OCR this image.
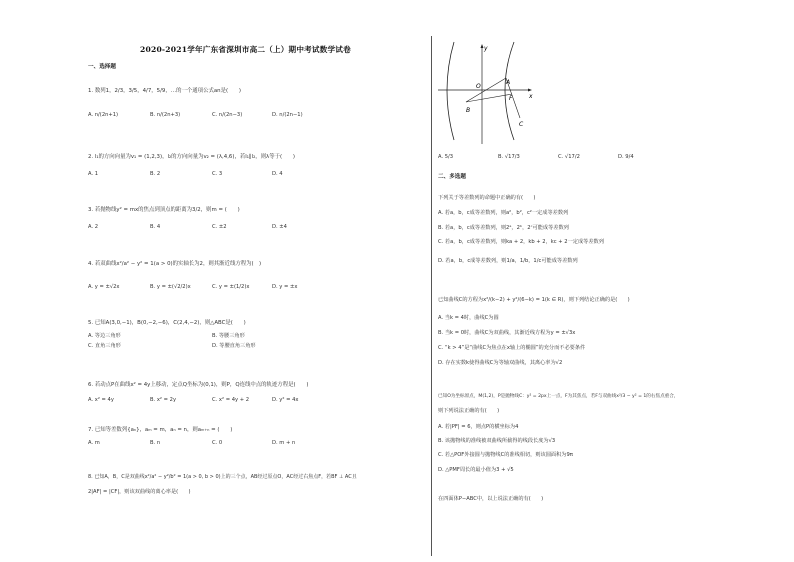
2020-2021学年广东省深圳市高二（上）期中考试数学试卷
一、选择题
1. 数列1，2/3，3/5，4/7，5/9，…的一个通项公式an是(　　)
A. n/(2n+1)	B. n/(2n+3)	C. n/(2n−3)	D. n/(2n−1)
2. l₁的方向向量为v₁ = (1,2,3)，l₂的方向向量为v₂ = (λ,4,6)，若l₁∥l₂，则λ等于(　　)
A. 1	B. 2	C. 3	D. 4
3. 若抛物线y² = mx的焦点到顶点的距离为3/2，则m = (　　)
A. 2	B. 4	C. ±2	D. ±4
4. 若双曲线x²/a² − y² = 1(a > 0)的实轴长为2，则其渐近线方程为(　)
A. y = ±√2x	B. y = ±(√2/2)x	C. y = ±(1/2)x	D. y = ±x
5. 已知A(3,0,−1)，B(0,−2,−6)，C(2,4,−2)，则△ABC是(　　)
A. 等边三角形	B. 等腰三角形
C. 直角三角形	D. 等腰直角三角形
6. 若动点P在曲线x² = 4y上移动，定点Q坐标为(0,1)，则P，Q连线中点的轨迹方程是(　　)
A. x² = 4y	B. x² = 2y	C. x² = 4y + 2	D. y² = 4x
7. 已知等差数列{aₙ}，aₘ = m，aₙ = n，则aₘ₊ₙ = (　　)
A. m	B. n	C. 0	D. m + n
8. 已知A，B，C是双曲线x²/a² − y²/b² = 1(a > 0, b > 0)上的三个点，AB经过原点O，AC经过右焦点F，若BF ⊥ AC且
2|AF| = |CF|，则该双曲线的离心率是(　　)
y
x
O
A
B
C
F
A. 5/3	B. √17/3	C. √17/2	D. 9/4
二、多选题
下列关于等差数列的命题中正确的有(　　)
A. 若a，b，c成等差数列，则a²，b²，c²一定成等差数列
B. 若a，b，c成等差数列，则2ᵃ，2ᵇ，2ᶜ可能成等差数列
C. 若a，b，c成等差数列，则ka + 2，kb + 2，kc + 2一定成等差数列
D. 若a，b，c成等差数列，则1/a，1/b，1/c可能成等差数列
已知曲线C的方程为x²/(k−2) + y²/(6−k) = 1(k ∈ R)，则下列结论正确的是(　　)
A. 当k = 4时，曲线C为圆
B. 当k = 0时，曲线C为双曲线，其渐近线方程为y = ±√3x
C. “k > 4”是“曲线C为焦点在x轴上的椭圆”的充分而不必要条件
D. 存在实数k使得曲线C为等轴双曲线，其离心率为√2
已知O为坐标原点，M(1,2)，P是抛物线C：y² = 2px上一点，F为其焦点，若F与双曲线x²/3 − y² = 1的右焦点重合，
则下列说法正确的有(　　)
A. 若|PF| = 6，则点P的横坐标为4
B. 该抛物线的准线被双曲线所截得的线段长度为√3
C. 若△POF外接圆与抛物线C的准线相切，则该圆面积为9π
D. △PMF周长的最小值为3 + √5
在四面体P−ABC中，以上说法正确的有(　　)
